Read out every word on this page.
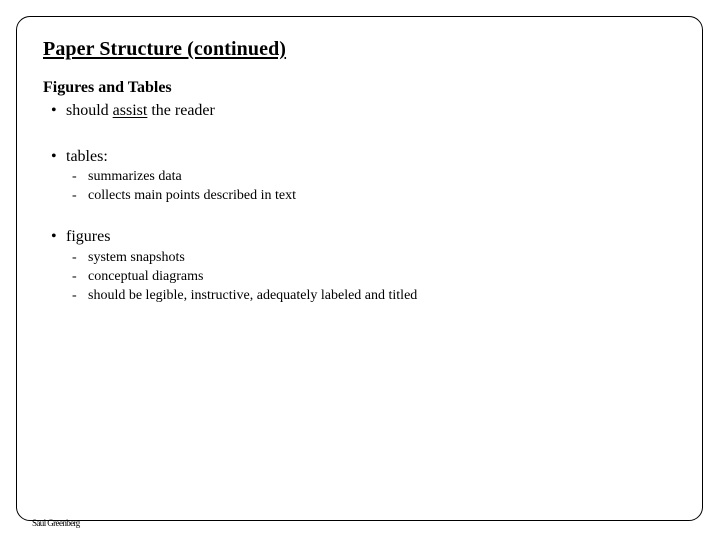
Paper Structure (continued)
Figures and Tables
• should assist the reader
• tables:
- summarizes data
- collects main points described in text
• figures
- system snapshots
- conceptual diagrams
- should be legible, instructive, adequately labeled and titled
Saul Greenberg
